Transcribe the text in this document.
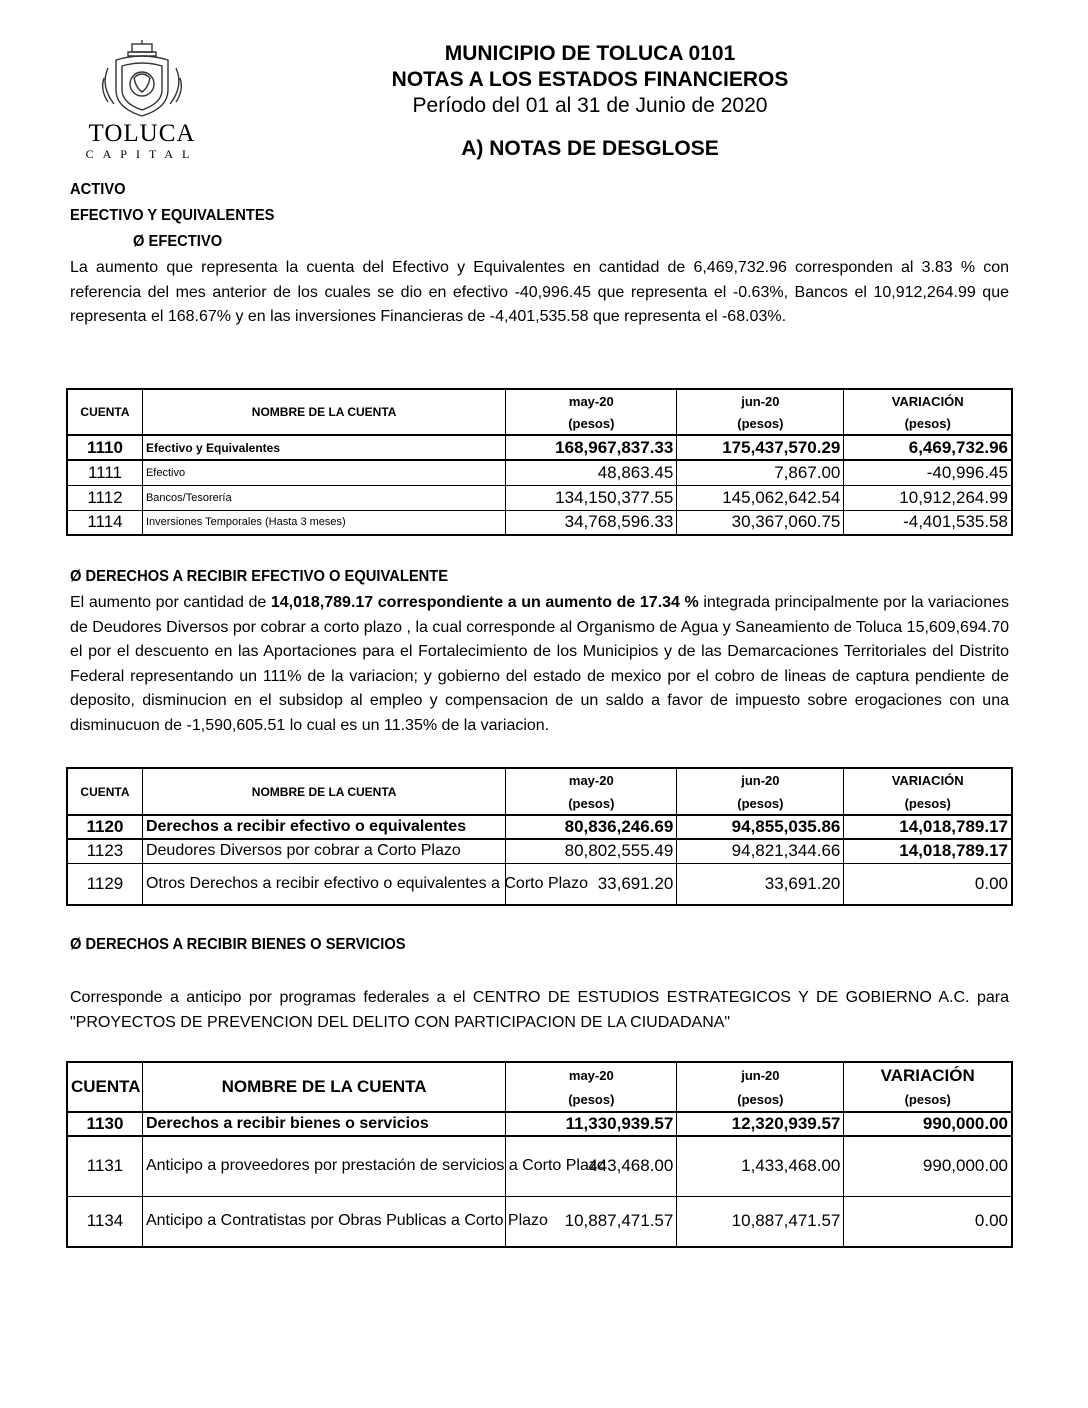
TOLUCA
CAPITAL
MUNICIPIO DE TOLUCA 0101
NOTAS A LOS ESTADOS FINANCIEROS
Período del 01 al 31 de Junio de 2020
A) NOTAS DE DESGLOSE
ACTIVO
EFECTIVO Y EQUIVALENTES
Ø EFECTIVO
La aumento que representa la cuenta del Efectivo y Equivalentes en cantidad de 6,469,732.96 corresponden al 3.83 % con referencia del mes anterior de los cuales se dio en efectivo -40,996.45 que representa el -0.63%, Bancos el 10,912,264.99 que representa el 168.67% y en las inversiones Financieras de -4,401,535.58 que representa el -68.03%.
CUENTA	NOMBRE DE LA CUENTA	may-20	jun-20	VARIACIÓN
		(pesos)	(pesos)	(pesos)
1110	Efectivo y Equivalentes	168,967,837.33	175,437,570.29	6,469,732.96
1111	Efectivo	48,863.45	7,867.00	-40,996.45
1112	Bancos/Tesorería	134,150,377.55	145,062,642.54	10,912,264.99
1114	Inversiones Temporales (Hasta 3 meses)	34,768,596.33	30,367,060.75	-4,401,535.58
Ø DERECHOS A RECIBIR EFECTIVO O EQUIVALENTE
El aumento por cantidad de 14,018,789.17 correspondiente a un aumento de 17.34 % integrada principalmente por la variaciones de Deudores Diversos por cobrar a corto plazo , la cual corresponde al Organismo de Agua y Saneamiento de Toluca 15,609,694.70 el por el descuento en las Aportaciones para el Fortalecimiento de los Municipios y de las Demarcaciones Territoriales del Distrito Federal representando un 111% de la variacion; y gobierno del estado de mexico por el cobro de lineas de captura pendiente de deposito, disminucion en el subsidop al empleo y compensacion de un saldo a favor de impuesto sobre erogaciones con una disminucuon de -1,590,605.51 lo cual es un 11.35% de la variacion.
CUENTA	NOMBRE DE LA CUENTA	may-20	jun-20	VARIACIÓN
		(pesos)	(pesos)	(pesos)
1120	Derechos a recibir efectivo o equivalentes	80,836,246.69	94,855,035.86	14,018,789.17
1123	Deudores Diversos por cobrar a Corto Plazo	80,802,555.49	94,821,344.66	14,018,789.17
1129	Otros Derechos a recibir efectivo o equivalentes a Corto Plazo	33,691.20	33,691.20	0.00
Ø DERECHOS A RECIBIR BIENES O SERVICIOS
Corresponde a anticipo por programas federales a el CENTRO DE ESTUDIOS ESTRATEGICOS Y DE GOBIERNO A.C. para "PROYECTOS DE PREVENCION DEL DELITO CON PARTICIPACION DE LA CIUDADANA"
CUENTA	NOMBRE DE LA CUENTA	may-20	jun-20	VARIACIÓN
		(pesos)	(pesos)	(pesos)
1130	Derechos a recibir bienes o servicios	11,330,939.57	12,320,939.57	990,000.00
1131	Anticipo a proveedores por prestación de servicios a Corto Plazo	443,468.00	1,433,468.00	990,000.00
1134	Anticipo a Contratistas por Obras Publicas a Corto Plazo	10,887,471.57	10,887,471.57	0.00
